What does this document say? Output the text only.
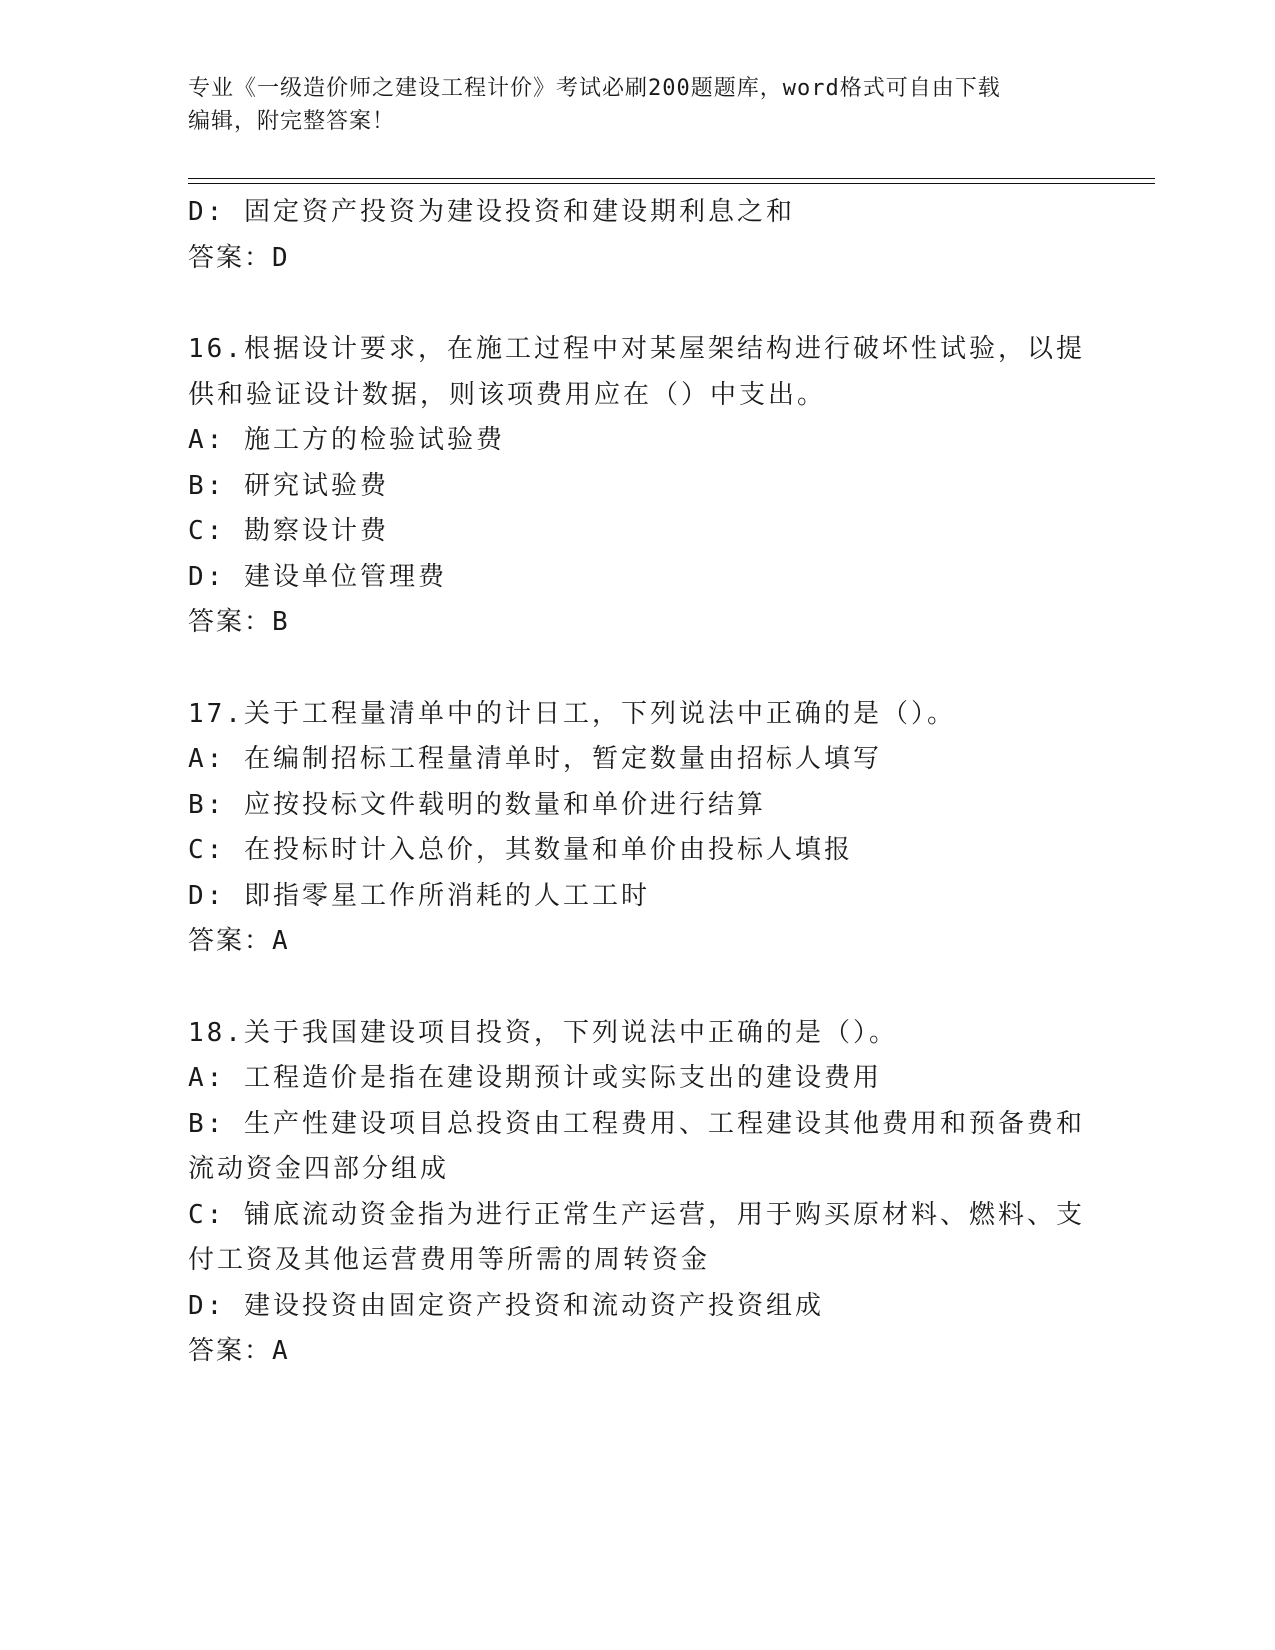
专业《一级造价师之建设工程计价》考试必刷200题题库，word格式可自由下载
编辑，附完整答案！
D: 固定资产投资为建设投资和建设期利息之和
答案：D
16.根据设计要求，在施工过程中对某屋架结构进行破坏性试验，以提
供和验证设计数据，则该项费用应在（）中支出。
A: 施工方的检验试验费
B: 研究试验费
C: 勘察设计费
D: 建设单位管理费
答案：B
17.关于工程量清单中的计日工，下列说法中正确的是（）。
A: 在编制招标工程量清单时，暂定数量由招标人填写
B: 应按投标文件载明的数量和单价进行结算
C: 在投标时计入总价，其数量和单价由投标人填报
D: 即指零星工作所消耗的人工工时
答案：A
18.关于我国建设项目投资，下列说法中正确的是（）。
A: 工程造价是指在建设期预计或实际支出的建设费用
B: 生产性建设项目总投资由工程费用、工程建设其他费用和预备费和
流动资金四部分组成
C: 铺底流动资金指为进行正常生产运营，用于购买原材料、燃料、支
付工资及其他运营费用等所需的周转资金
D: 建设投资由固定资产投资和流动资产投资组成
答案：A
